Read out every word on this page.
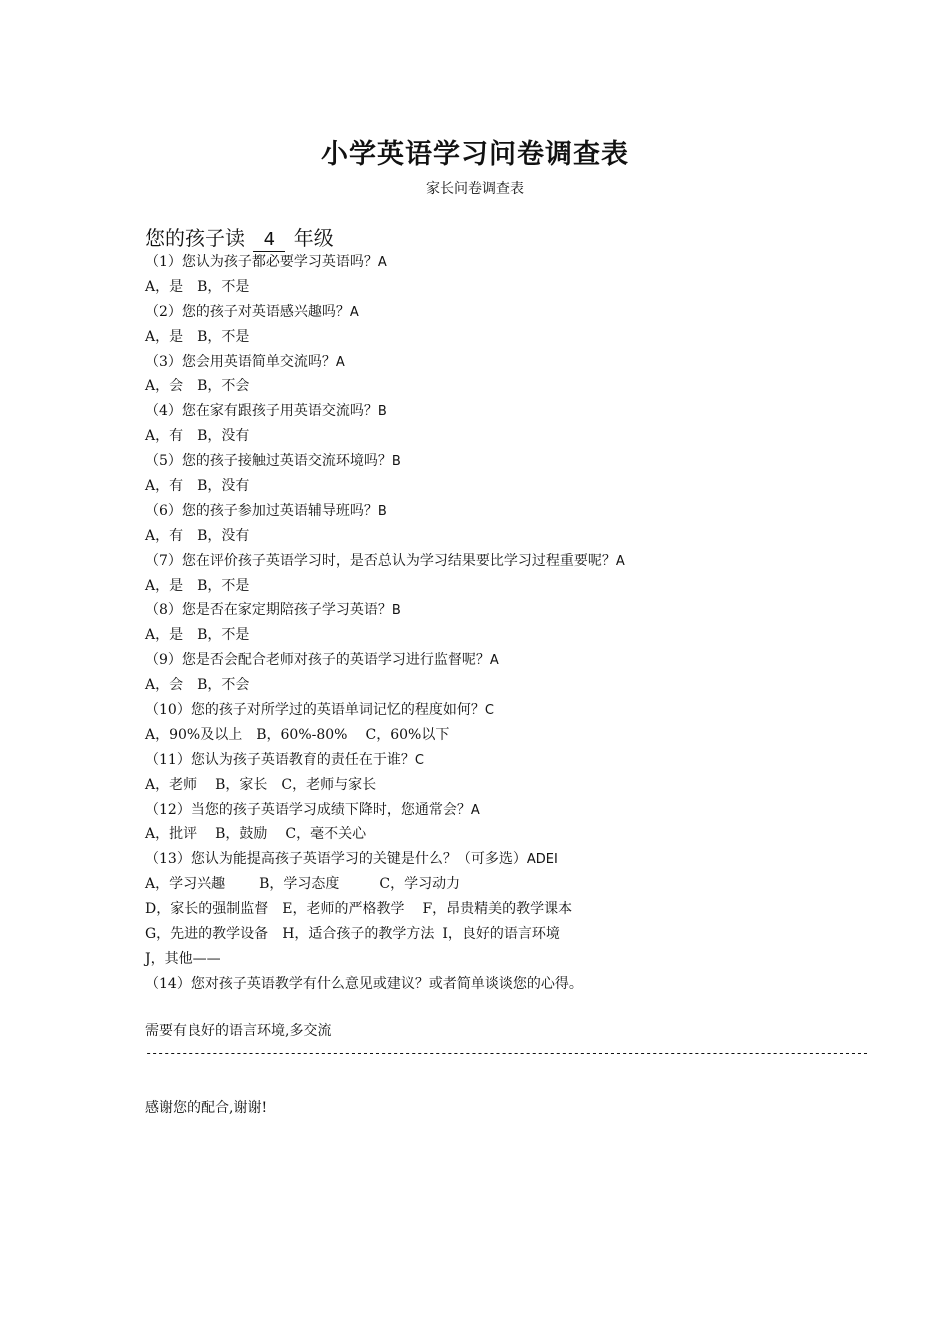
小学英语学习问卷调查表
家长问卷调查表
您的孩子读 4 年级
（1）您认为孩子都必要学习英语吗？A
A，是 B，不是
（2）您的孩子对英语感兴趣吗？A
A，是 B，不是
（3）您会用英语简单交流吗？A
A，会 B，不会
（4）您在家有跟孩子用英语交流吗？B
A，有 B，没有
（5）您的孩子接触过英语交流环境吗？B
A，有 B，没有
（6）您的孩子参加过英语辅导班吗？B
A，有 B，没有
（7）您在评价孩子英语学习时，是否总认为学习结果要比学习过程重要呢？A
A，是 B，不是
（8）您是否在家定期陪孩子学习英语？B
A，是 B，不是
（9）您是否会配合老师对孩子的英语学习进行监督呢？A
A，会 B，不会
（10）您的孩子对所学过的英语单词记忆的程度如何？C
A，90%及以上 B，60%-80% C，60%以下
（11）您认为孩子英语教育的责任在于谁？C
A，老师 B，家长 C，老师与家长
（12）当您的孩子英语学习成绩下降时，您通常会？A
A，批评 B，鼓励 C，毫不关心
（13）您认为能提高孩子英语学习的关键是什么？（可多选）ADEI
A，学习兴趣 B，学习态度	C，学习动力
D，家长的强制监督 E，老师的严格教学 F，昂贵精美的教学课本
G，先进的教学设备 H，适合孩子的教学方法 I，良好的语言环境
J，其他——
（14）您对孩子英语教学有什么意见或建议？或者简单谈谈您的心得。
需要有良好的语言环境,多交流
------------------------------------------------------------------------------------------------------------------------
感谢您的配合,谢谢!
